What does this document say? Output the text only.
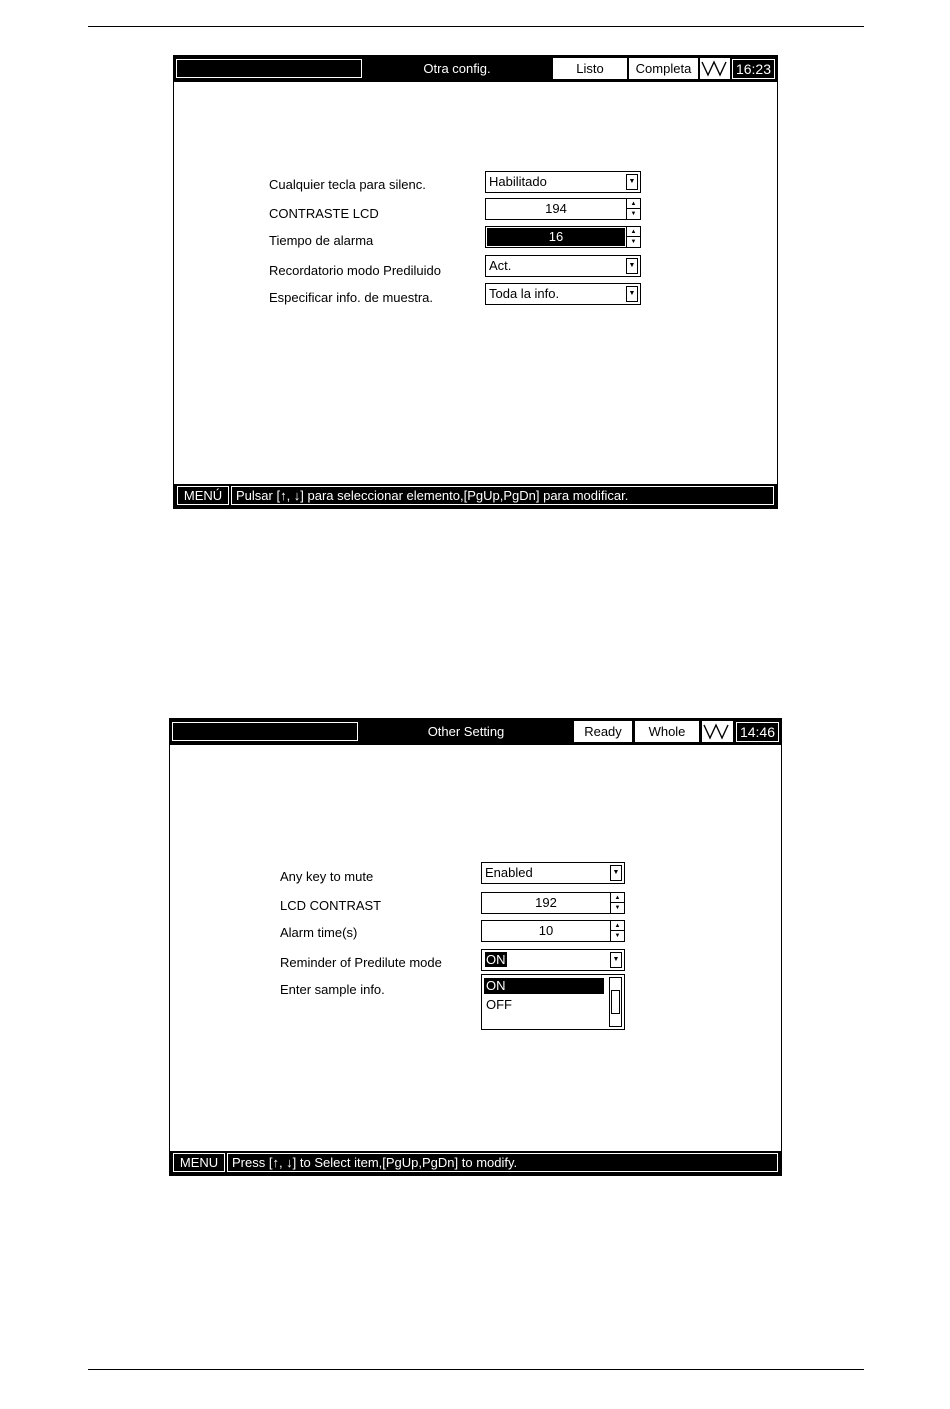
Otra config.	Listo	Completa	16:23
Cualquier tecla para silenc.	Habilitado	▼
CONTRASTE LCD	194	▲
▼
Tiempo de alarma	16	▲
▼
Recordatorio modo Prediluido	Act.	▼
Especificar info. de muestra.	Toda la info.	▼
MENÚ	Pulsar [↑, ↓] para seleccionar elemento,[PgUp,PgDn] para modificar.
Other Setting	Ready	Whole	14:46
Any key to mute	Enabled	▼
LCD CONTRAST	192	▲
▼
Alarm time(s)	10	▲
▼
Reminder of Predilute mode	ON	▼
Enter sample info.	ON
OFF
MENU	Press [↑, ↓] to Select item,[PgUp,PgDn] to modify.
